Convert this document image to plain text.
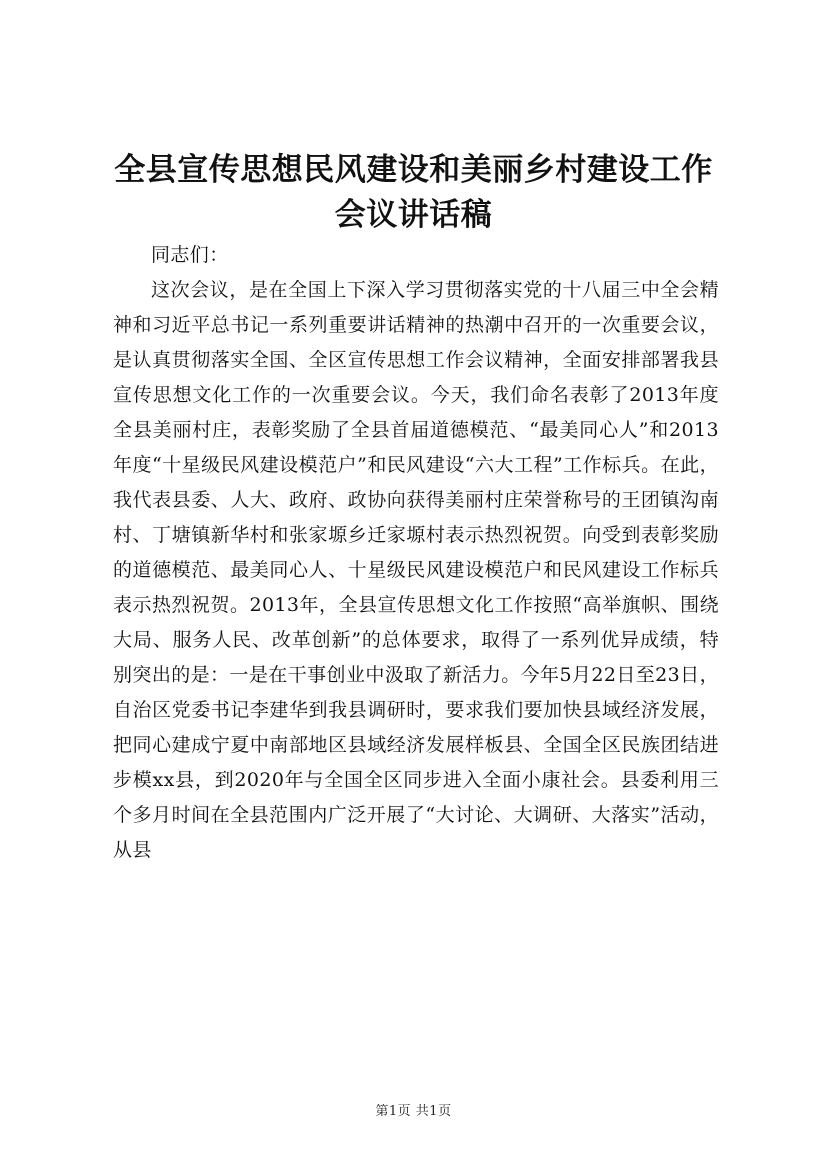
全县宣传思想民风建设和美丽乡村建设工作会议讲话稿

同志们：

这次会议，是在全国上下深入学习贯彻落实党的十八届三中全会精神和习近平总书记一系列重要讲话精神的热潮中召开的一次重要会议，是认真贯彻落实全国、全区宣传思想工作会议精神，全面安排部署我县宣传思想文化工作的一次重要会议。今天，我们命名表彰了2013年度全县美丽村庄，表彰奖励了全县首届道德模范、“最美同心人”和2013年度“十星级民风建设模范户”和民风建设“六大工程”工作标兵。在此，我代表县委、人大、政府、政协向获得美丽村庄荣誉称号的王团镇沟南村、丁塘镇新华村和张家塬乡迁家塬村表示热烈祝贺。向受到表彰奖励的道德模范、最美同心人、十星级民风建设模范户和民风建设工作标兵表示热烈祝贺。2013年，全县宣传思想文化工作按照“高举旗帜、围绕大局、服务人民、改革创新”的总体要求，取得了一系列优异成绩，特别突出的是：一是在干事创业中汲取了新活力。今年5月22日至23日，自治区党委书记李建华到我县调研时，要求我们要加快县域经济发展，把同心建成宁夏中南部地区县域经济发展样板县、全国全区民族团结进步模xx县，到2020年与全国全区同步进入全面小康社会。县委利用三个多月时间在全县范围内广泛开展了“大讨论、大调研、大落实”活动，从县

第1页 共1页
